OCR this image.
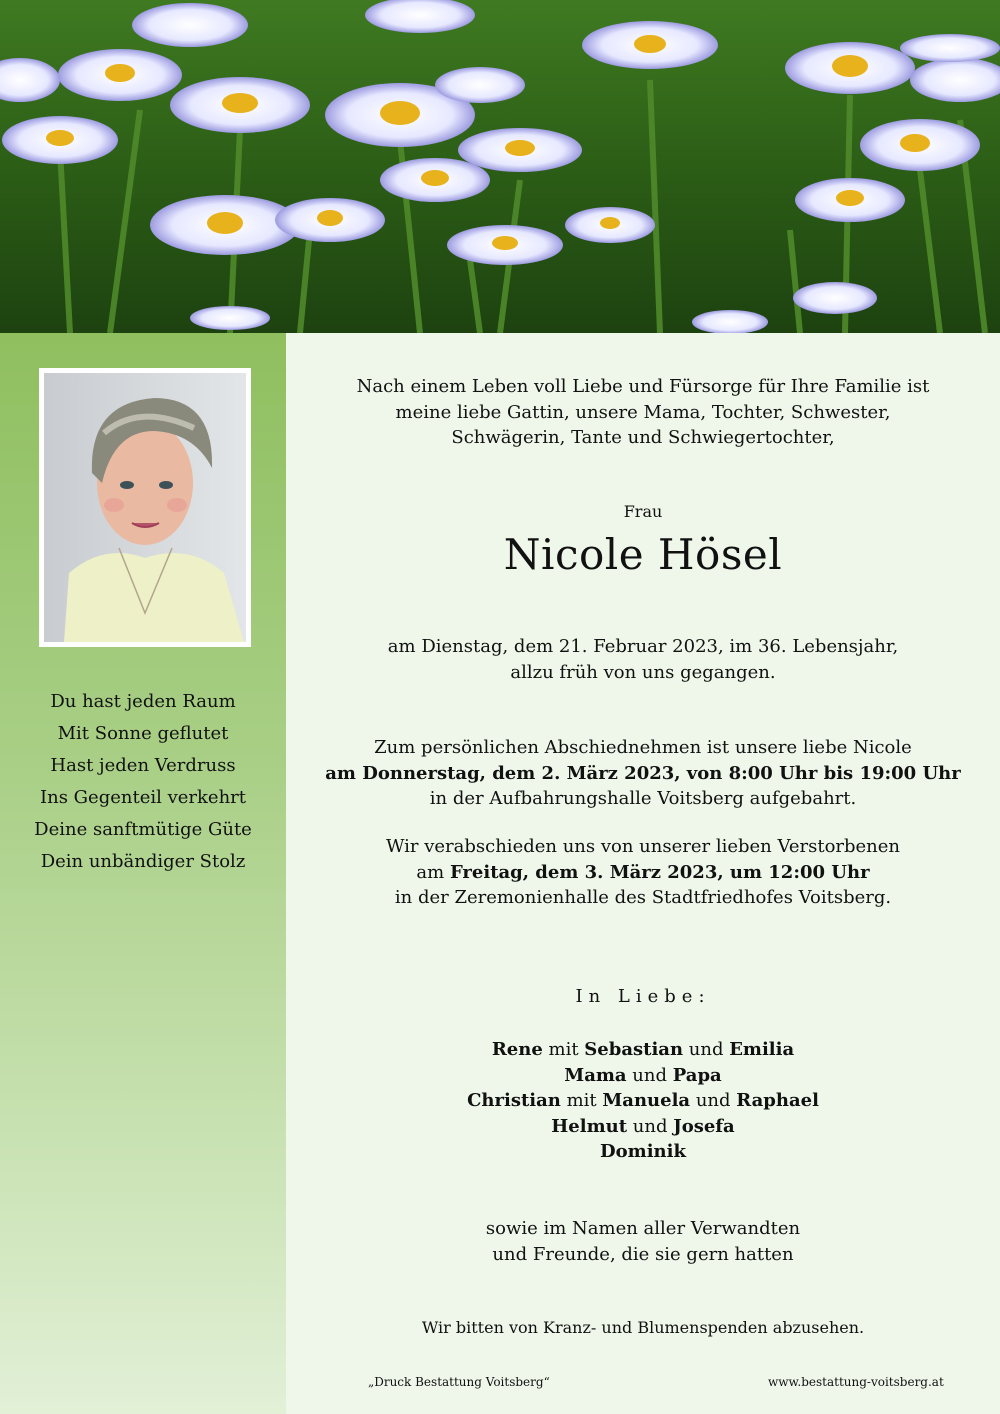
Du hast jeden Raum
Mit Sonne geflutet
Hast jeden Verdruss
Ins Gegenteil verkehrt
Deine sanftmütige Güte
Dein unbändiger Stolz
Nach einem Leben voll Liebe und Fürsorge für Ihre Familie ist
meine liebe Gattin, unsere Mama, Tochter, Schwester,
Schwägerin, Tante und Schwiegertochter,
Frau
Nicole Hösel
am Dienstag, dem 21. Februar 2023, im 36. Lebensjahr,
allzu früh von uns gegangen.
Zum persönlichen Abschiednehmen ist unsere liebe Nicole
am Donnerstag, dem 2. März 2023, von 8:00 Uhr bis 19:00 Uhr
in der Aufbahrungshalle Voitsberg aufgebahrt.
Wir verabschieden uns von unserer lieben Verstorbenen
am Freitag, dem 3. März 2023, um 12:00 Uhr
in der Zeremonienhalle des Stadtfriedhofes Voitsberg.
In Liebe:
Rene mit Sebastian und Emilia
Mama und Papa
Christian mit Manuela und Raphael
Helmut und Josefa
Dominik
sowie im Namen aller Verwandten
und Freunde, die sie gern hatten
Wir bitten von Kranz- und Blumenspenden abzusehen.
„Druck Bestattung Voitsberg“	www.bestattung-voitsberg.at
